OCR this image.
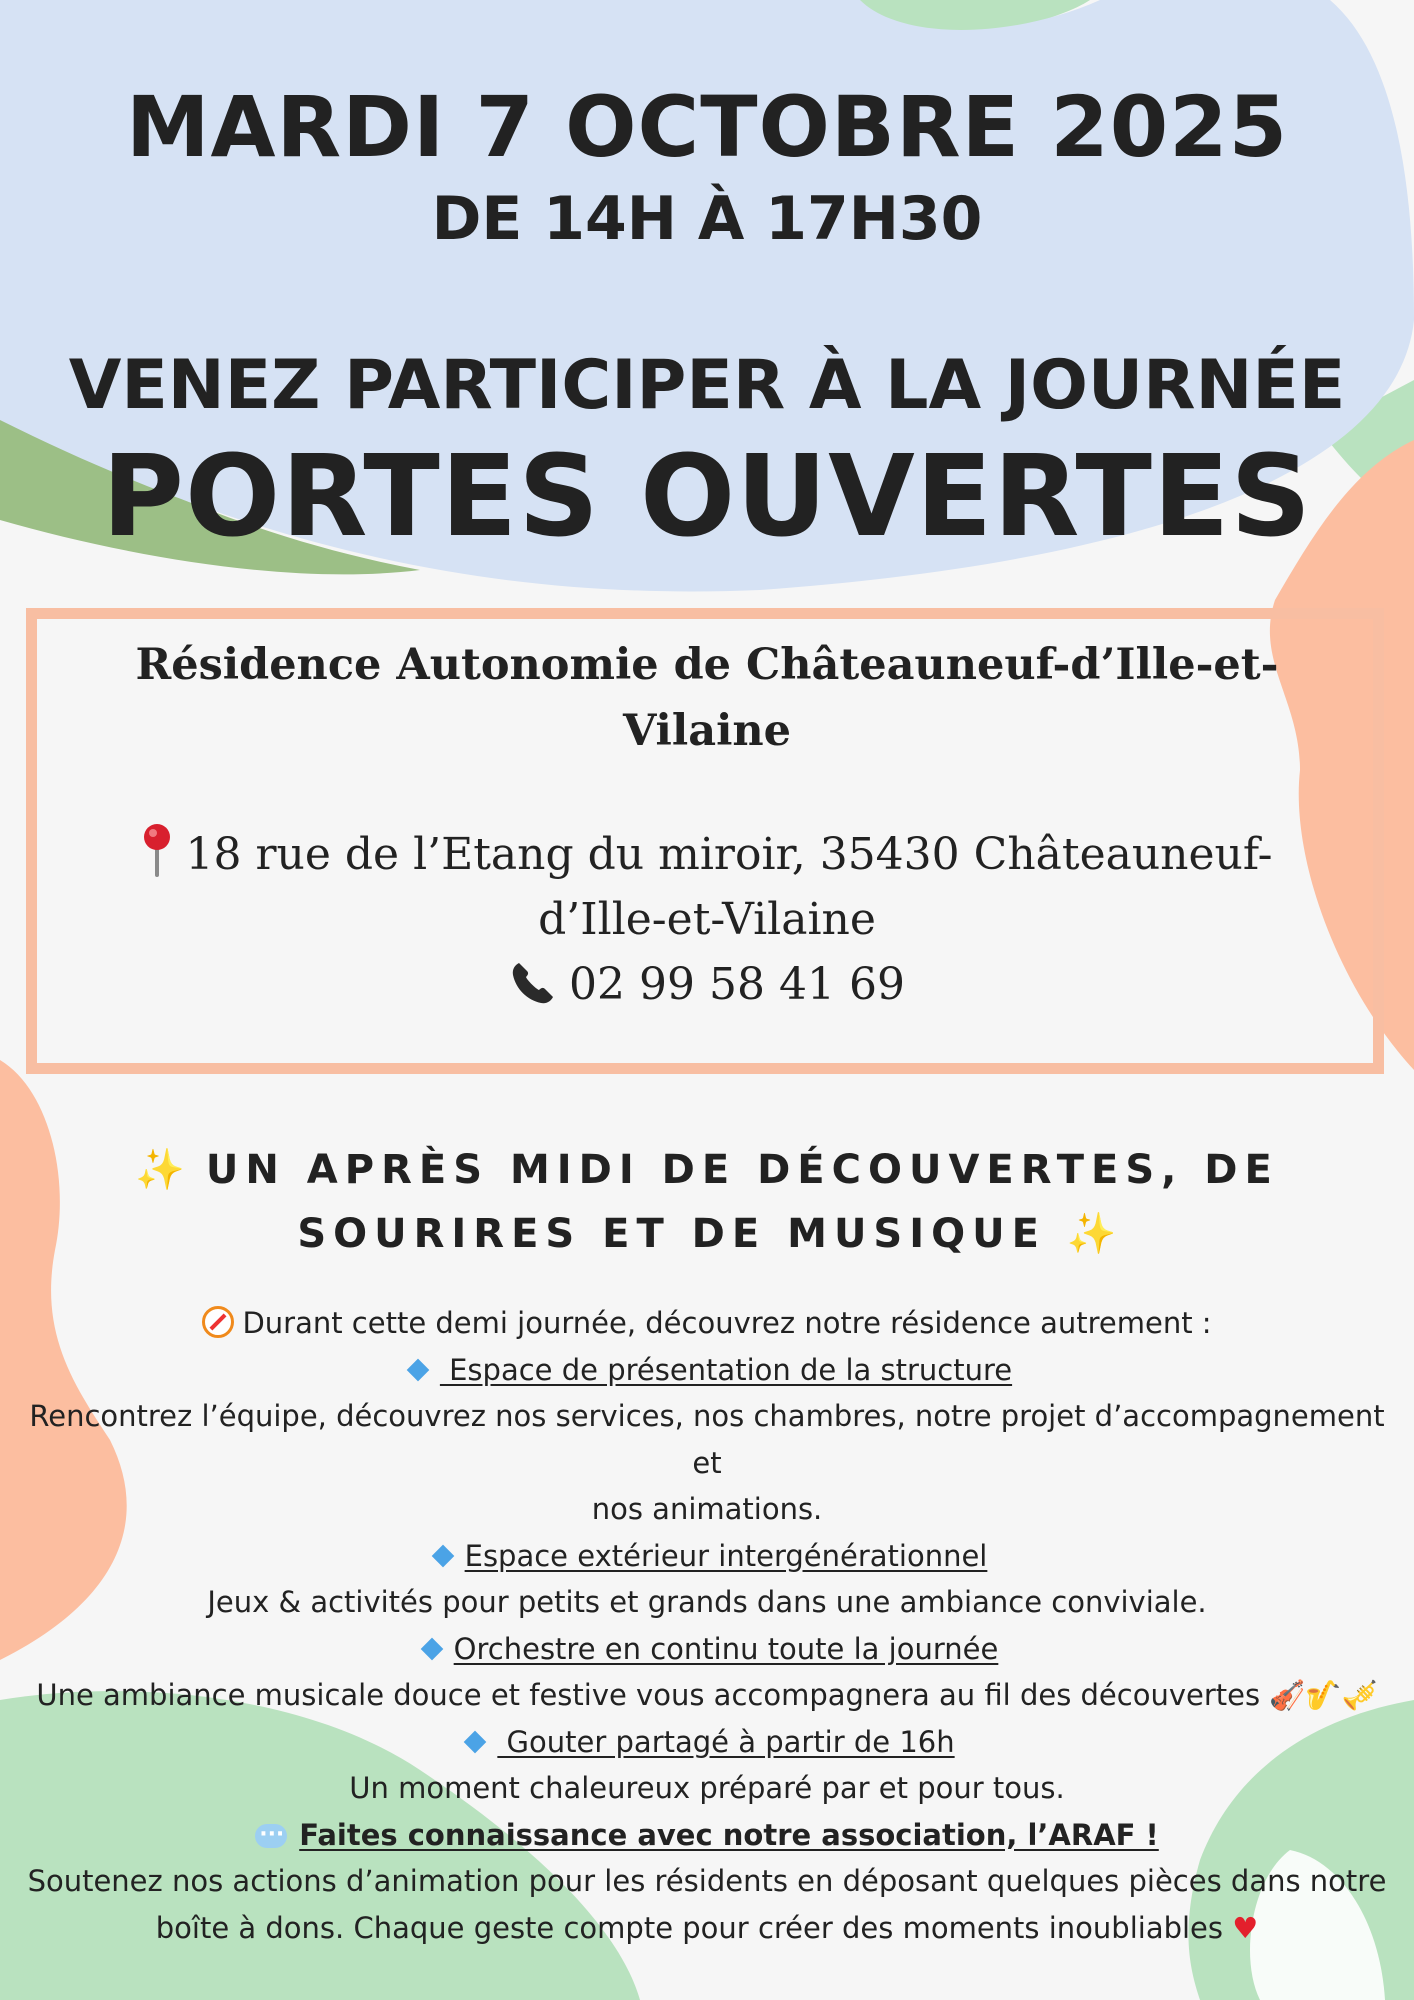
MARDI 7 OCTOBRE 2025
DE 14H À 17H30
VENEZ PARTICIPER À LA JOURNÉE
PORTES OUVERTES

Résidence Autonomie de Châteauneuf-d’Ille-et-
Vilaine

18 rue de l’Etang du miroir, 35430 Châteauneuf-
d’Ille-et-Vilaine
02 99 58 41 69
✨ UN APRÈS MIDI DE DÉCOUVERTES, DE
SOURIRES ET DE MUSIQUE ✨
Durant cette demi journée, découvrez notre résidence autrement :
Espace de présentation de la structure
Rencontrez l’équipe, découvrez nos services, nos chambres, notre projet d’accompagnement et
nos animations.
Espace extérieur intergénérationnel
Jeux & activités pour petits et grands dans une ambiance conviviale.
Orchestre en continu toute la journée
Une ambiance musicale douce et festive vous accompagnera au fil des découvertes 🎻🎷🎺
Gouter partagé à partir de 16h
Un moment chaleureux préparé par et pour tous.
···Faites connaissance avec notre association, l’ARAF !
Soutenez nos actions d’animation pour les résidents en déposant quelques pièces dans notre
boîte à dons. Chaque geste compte pour créer des moments inoubliables ♥
